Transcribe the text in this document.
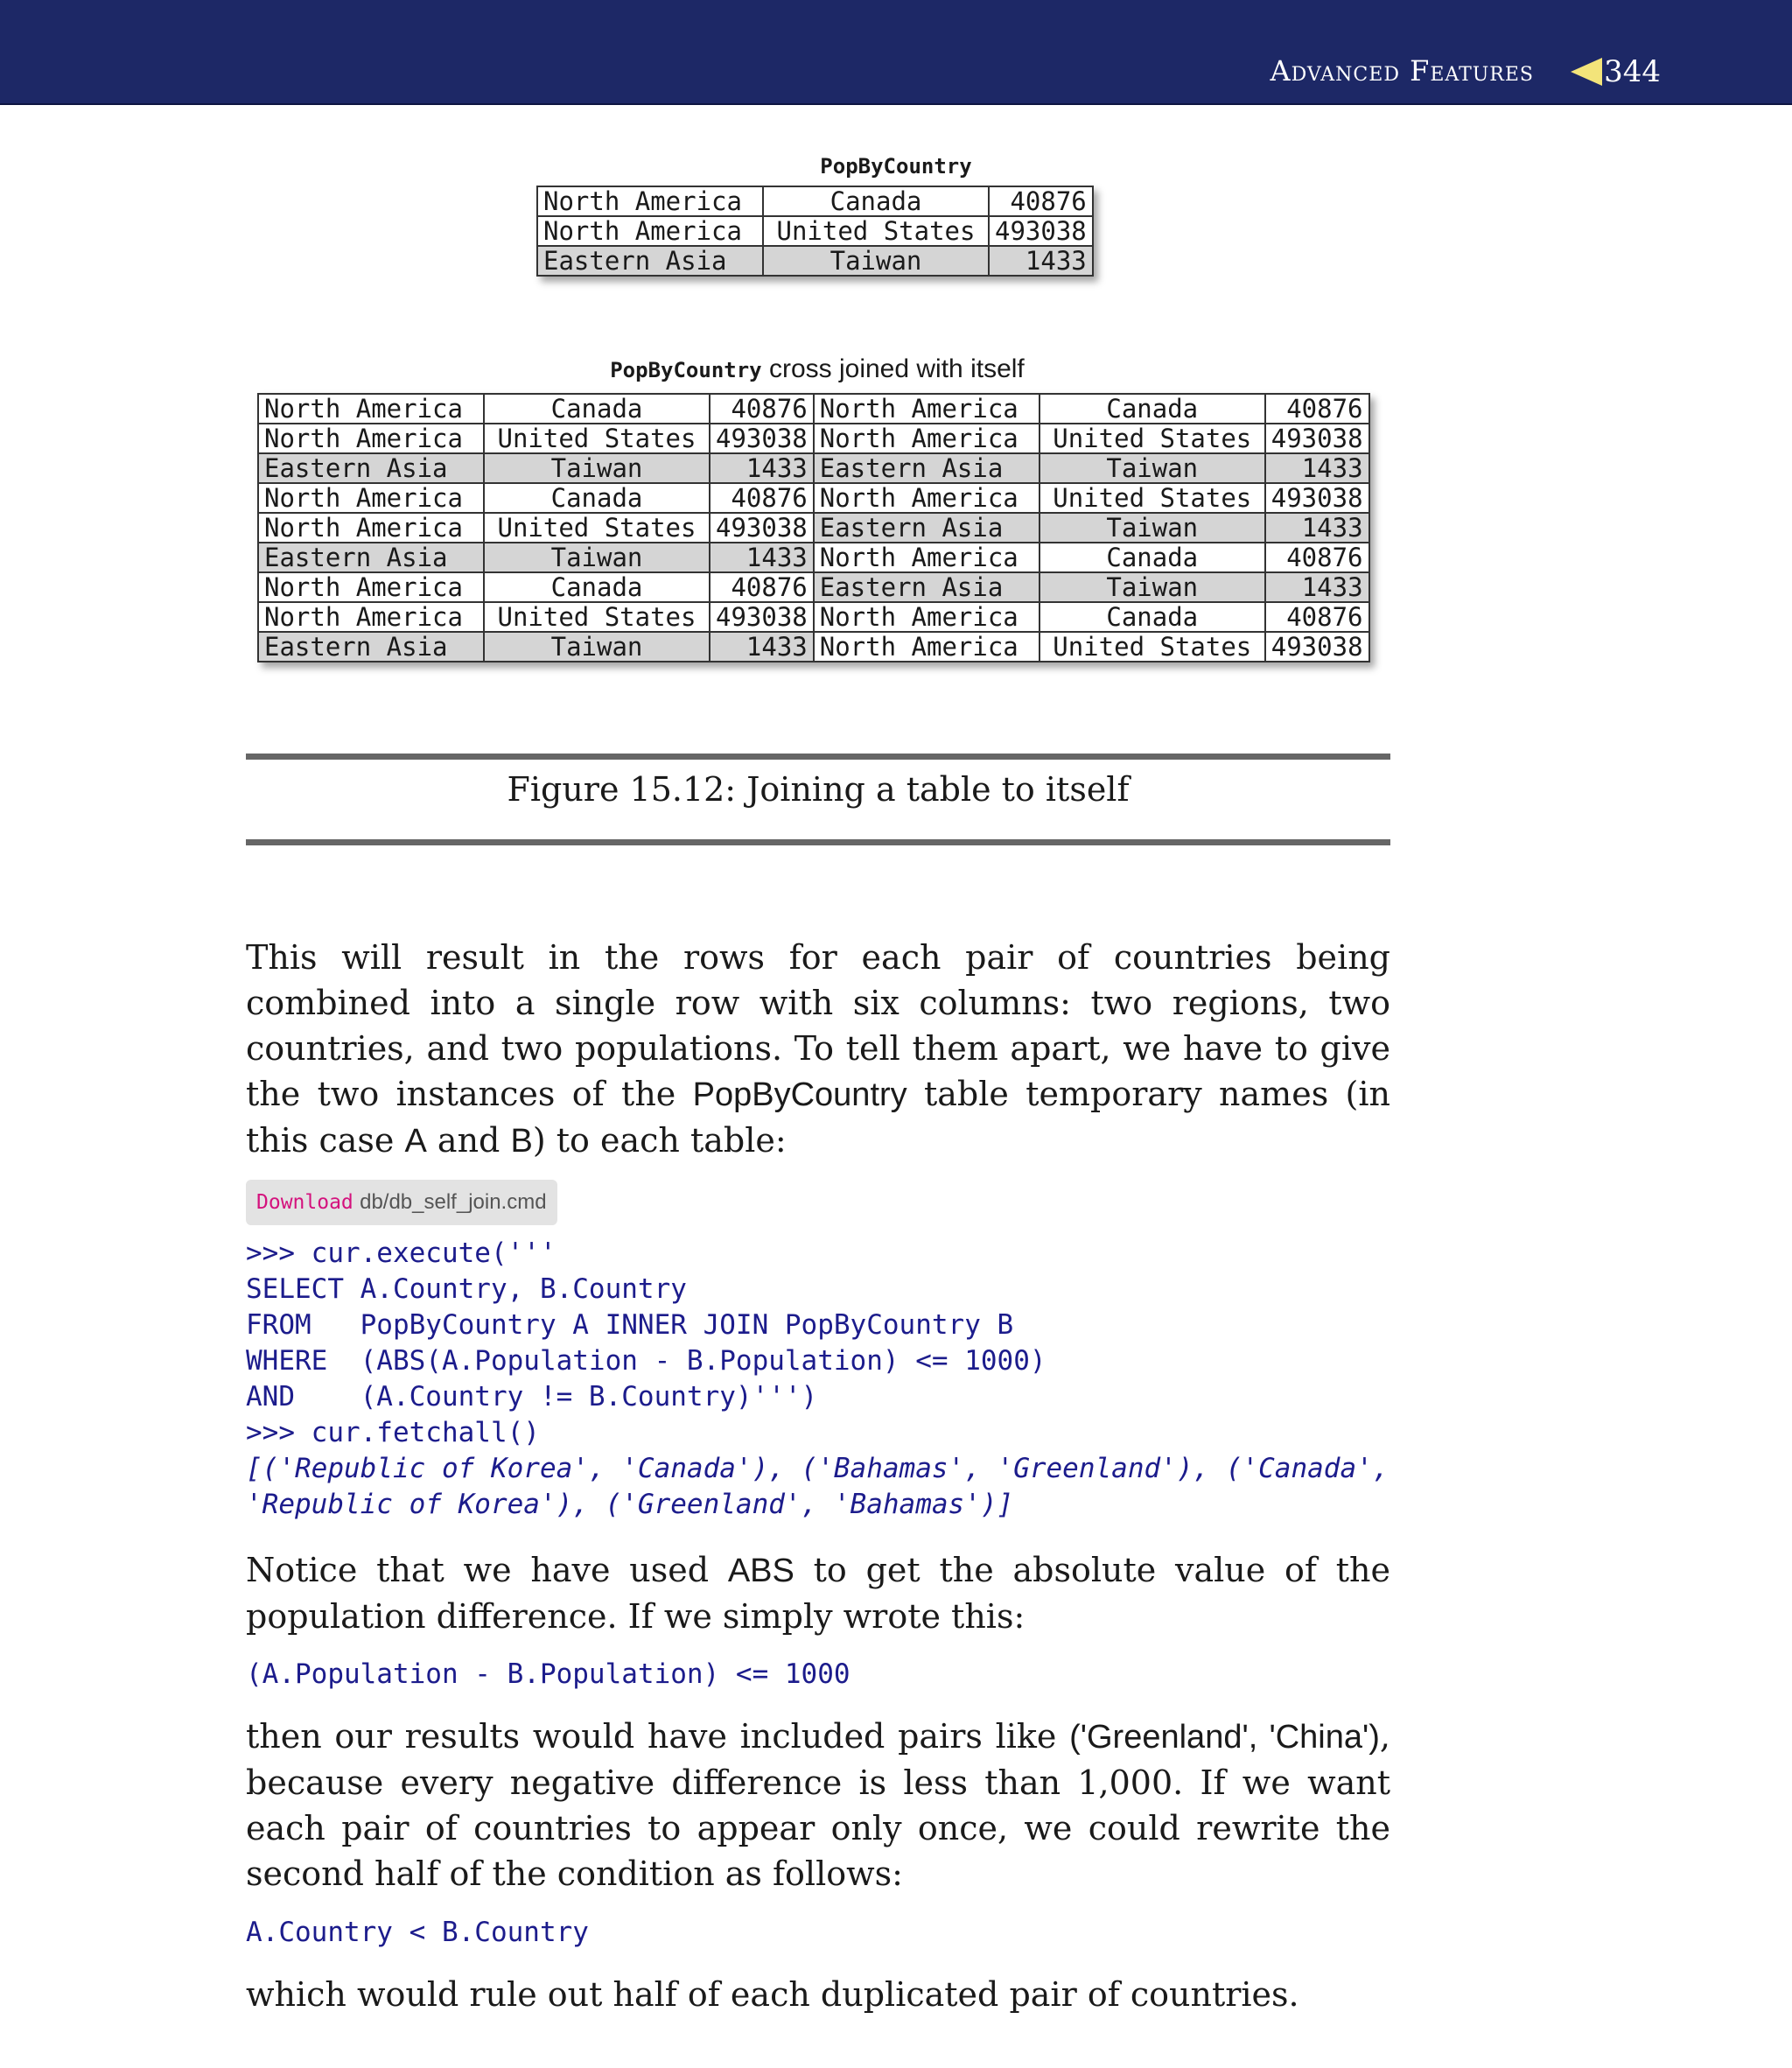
Advanced Features 344
PopByCountry
North America	Canada	40876
North America	United States	493038
Eastern Asia	Taiwan	1433
PopByCountry cross joined with itself
North America	Canada	40876	North America	Canada	40876
North America	United States	493038	North America	United States	493038
Eastern Asia	Taiwan	1433	Eastern Asia	Taiwan	1433
North America	Canada	40876	North America	United States	493038
North America	United States	493038	Eastern Asia	Taiwan	1433
Eastern Asia	Taiwan	1433	North America	Canada	40876
North America	Canada	40876	Eastern Asia	Taiwan	1433
North America	United States	493038	North America	Canada	40876
Eastern Asia	Taiwan	1433	North America	United States	493038
Figure 15.12: Joining a table to itself
This will result in the rows for each pair of countries being combined into a single row with six columns: two regions, two countries, and two populations. To tell them apart, we have to give the two instances of the PopByCountry table temporary names (in this case A and B) to each table:
Download db/db_self_join.cmd
>>> cur.execute('''
SELECT A.Country, B.Country
FROM   PopByCountry A INNER JOIN PopByCountry B
WHERE  (ABS(A.Population - B.Population) <= 1000)
AND    (A.Country != B.Country)''')
>>> cur.fetchall()
[('Republic of Korea', 'Canada'), ('Bahamas', 'Greenland'), ('Canada',
'Republic of Korea'), ('Greenland', 'Bahamas')]
Notice that we have used ABS to get the absolute value of the population difference. If we simply wrote this:
(A.Population - B.Population) <= 1000
then our results would have included pairs like ('Greenland', 'China'), because every negative difference is less than 1,000. If we want each pair of countries to appear only once, we could rewrite the second half of the condition as follows:
A.Country < B.Country
which would rule out half of each duplicated pair of countries.
